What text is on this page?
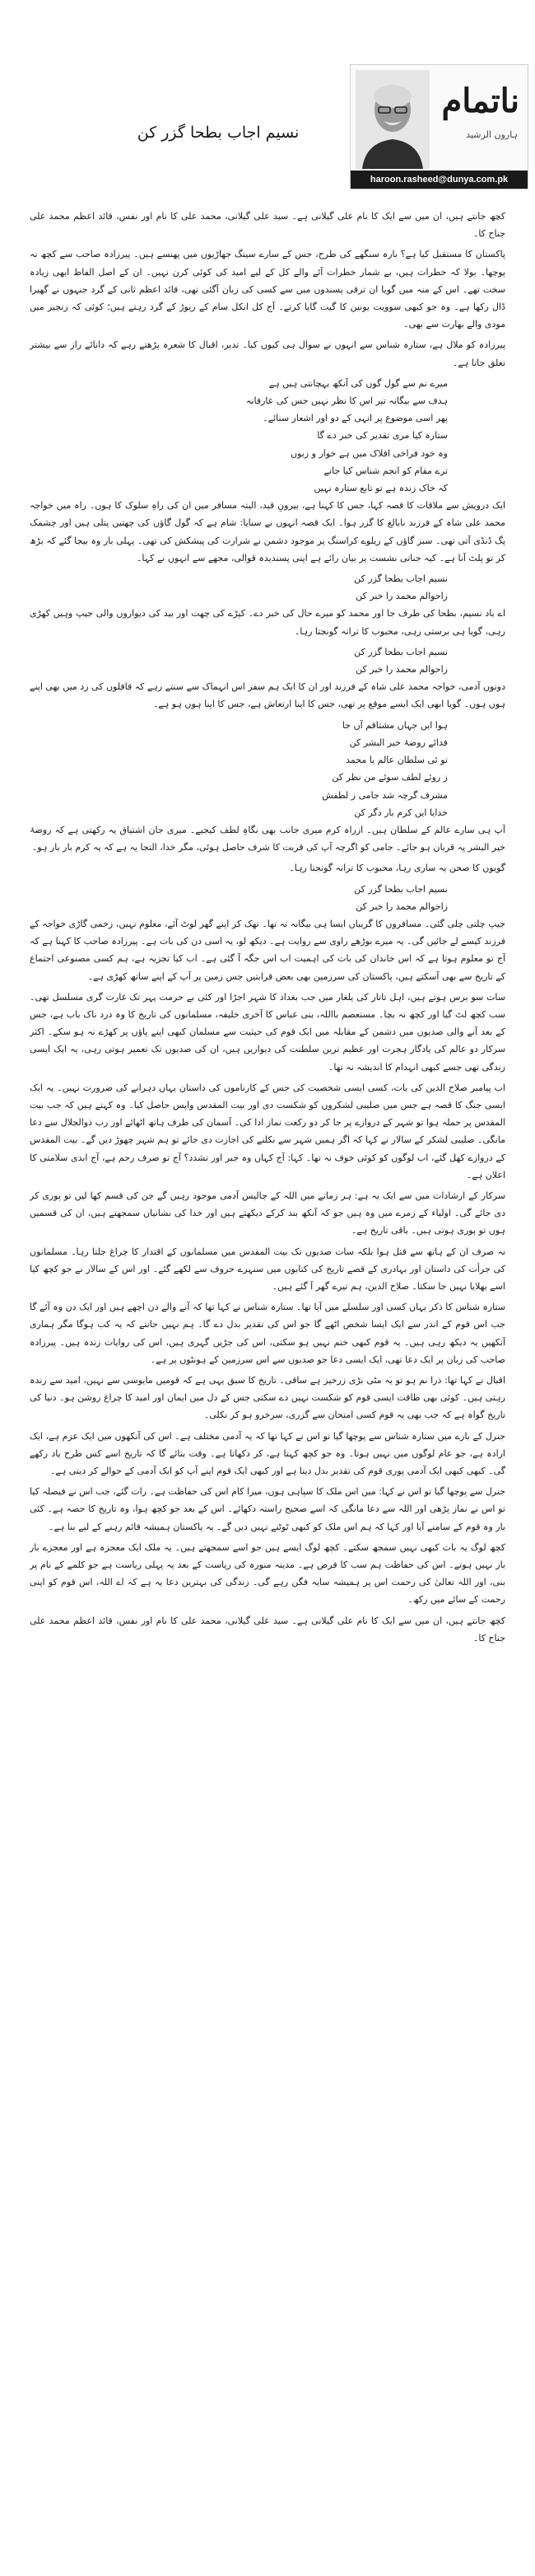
نسیم اجاب بطحا گزر کن
ناتمام
ہارون الرشید
haroon.rasheed@dunya.com.pk

کچھ جانتے ہیں، ان میں سے ایک کا نام علی گیلانی ہے۔ سید علی گیلانی، محمد علی کا نام اور نفس، قائد اعظم محمد علی جناح کا۔

پاکستان کا مستقبل کیا ہے؟ بارہ سنگھے کی طرح، جس کے سارے سینگ جھاڑیوں میں پھنسے ہیں۔ پیرزادہ صاحب سے کچھ نہ پوچھا۔ بولا کہ خطرات ہیں، بے شمار خطرات آئے والے کل کے لیے امید کی کوئی کرن نہیں۔ ان کے اصل الفاظ ابھی زیادہ سخت تھے۔ اس کے منہ میں گویا ان ترقی پسندوں میں سے کسی کی زبان آگئی تھی، قائد اعظم ثانی کے گرد جنہوں نے گھیرا ڈال رکھا ہے۔ وہ جو کبھی سوویت یونین کا گیت گایا کرتے۔ آج کل انکل سام کے ریوڑ کے گرد رہتے ہیں؛ کوئی کہ زنجیر میں مودی والے بھارت سے بھی۔

پیرزادہ کو ملال ہے، ستارہ شناس سے انہوں نے سوال ہی کیوں کیا۔ تدبر، اقبال کا شعرہ پڑھتے رہے کہ دانائے راز سے بیشتر تعلق جاتا ہے۔

میرے نم سے گول گوں کی آنکھ بہچانتی ہیں ہے
ہدف سے بیگانہ تیر اس کا نظر نہیں جس کی عارفانہ
پھر اسی موضوع پر انہی کے دو اور اشعار سنائے۔
ستارہ کیا مری تقدیر کی خبر دے گا
وہ خود فراخی افلاک میں ہے خوار و زبوں
ترے مقام کو انجم شناس کیا جانے
کہ خاک زندہ ہے تو تابع ستارہ نہیں

ایک درویش سے ملاقات کا قصہ کہا، جس کا کہنا ہے، بیرونِ قید، البتہ مسافر میں ان کی راہِ سلوک کا ہوں۔ راہ میں خواجہ محمد علی شاہ کے فرزند نابالغ کا گزر ہوا۔ ایک قصہ انہوں نے سنایا: شام ہے کہ گول گاؤں کی چھتیں پتلی ہیں اور چشمک پگ ڈنڈی آتی تھی۔ سبز گاؤں کے ریلوے کراسنگ پر موجود دشمن نے شرارت کی پیشکش کی تھی۔ پہلی بار وہ بیجا گئے کہ بڑھ کر تو پلٹ آنا ہے۔ کیہ جناتی نشست پر بیان رائے ہے اپنی پسندیدہ قوالی، مجھے سے انہوں نے کہا۔

نسیم اجاب بطحا گزر کن
زاحوالم محمد را خبر کن

اے باد نسیم، بطحا کی طرف جا اور محمد کو میرے حال کی خبر دے۔ کپڑے کی چھت اور بید کی دیواروں والی جیپ وہیں کھڑی رہی، گویا ہی برستی رہی، محبوب کا ترانہ گونجتا رہا۔

نسیم اجاب بطحا گزر کن
زاحوالم محمد را خبر کن

دونوں آدمی، خواجہ محمد علی شاہ کے فرزند اور ان کا ایک ہم سفر اس انہماک سے سنتے رہے کہ قافلوں کی زد میں بھی اپنے ہوں ہوں۔ گویا ابھی ایک ایسے موقع پر تھی، جس کا اپنا ارتعاش ہے، جس کا اپنا ہوں ہو ہے۔

ہوا ایں جہاں مشتاقم آں جا
فدائے روضۂ خیر البشر کن
تو ئی سلطان عالم یا محمد
ز روئے لطف سوئے من نظر کن
مشرف گرچہ شد جامی ز لطفش
خدایا ایں کرم بار دگر کن

آپ ہی سارے عالم کے سلطان ہیں۔ ازراہ کرم میری جانب بھی نگاہِ لطف کیجیے۔ میری جان اشتیاق یہ رکھتی ہے کہ روضۂ خیر البشر پہ قربان ہو جائے۔ جامی کو اگرچہ آپ کی قربت کا شرف حاصل ہوئی، مگر خدا، التجا یہ ہے کہ یہ کرم بار بار ہو۔

گویوں کا صحن یہ ساری رہا، محبوب کا ترانہ گونجتا رہا۔

نسیم اجاب بطحا گزر کن
زاحوالم محمد را خبر کن

جیپ چلتی چلی گئی۔ مسافروں کا گریباں ایسا ہی بیگانہ نہ تھا۔ تھک کر اپنے گھر لوٹ آئے، معلوم نہیں، زخمی گاڑی خواجہ کے فرزند کیسے لے جائیں گی۔ یہ میرے بوڑھے راوی سے روایت ہے۔ دیکھ لو، یہ اسی دن کی بات ہے۔ پیرزادہ صاحب کا کہنا ہے کہ آج تو معلوم ہوتا ہے کہ اس خاندان کی بات کی اہمیت اب اس جگہ آ گئی ہے۔ اب کیا تجزیہ ہے، ہم کسی مصنوعی اجتماع کے تاریخ سے بھی آسکتے ہیں، پاکستان کی سرزمین بھی بعض قرابتیں جس زمین پر آپ کے اپنے ساتھ کھڑی ہے۔

سات سو برس ہوتے ہیں، اہل تاتار کی یلغار میں جب بغداد کا شہر اجڑا اور کئی بے حرمت پہر تک غارت گری مسلسل تھی۔ سب کچھ لٹ گیا اور کچھ نہ بچا۔ مستعصم بااللہ، بنی عباس کا آخری خلیفہ، مسلمانوں کی تاریخ کا وہ درد ناک باب ہے، جس کے بعد آنے والی صدیوں میں دشمن کے مقابلہ میں ایک قوم کی حیثیت سے مسلمان کبھی اپنے پاؤں پر کھڑے نہ ہو سکے۔ اکثر سرکار دو عالم کی یادگار ہجرت اور عظیم ترین سلطنت کی دیواریں ہیں، ان کی صدیوں تک تعمیر ہوتی رہی، یہ ایک ایسی زندگی تھی جسے کبھی انہدام کا اندیشہ نہ تھا۔

اب پیامبر صلاح الدین کی بات، کسی ایسی شخصیت کی جس کے کارناموں کی داستان یہاں دہرانے کی ضرورت نہیں۔ یہ ایک ایسی جنگ کا قصہ ہے جس میں صلیبی لشکروں کو شکست دی اور بیت المقدس واپس حاصل کیا۔ وہ کہتے ہیں کہ جب بیت المقدس پر حملہ ہوا تو شہر کے دروازے پر جا کر دو رکعت نماز ادا کی۔ آسمان کی طرف ہاتھ اٹھائے اور رب ذوالجلال سے دعا مانگی۔ صلیبی لشکر کے سالار نے کہا کہ اگر ہمیں شہر سے نکلنے کی اجازت دی جائے تو ہم شہر چھوڑ دیں گے۔ بیت المقدس کے دروازے کھل گئے، اب لوگوں کو کوئی خوف نہ تھا۔ کہا: آج کہاں وہ جبر اور تشدد؟ آج تو صرف رحم ہے، آج ابدی سلامتی کا اعلان ہے۔

سرکار کے ارشادات میں سے ایک یہ ہے: ہر زمانے میں اللہ کے چالیس آدمی موجود رہیں گے جن کی قسم کھا لیں تو پوری کر دی جائے گی۔ اولیاء کے زمرے میں وہ ہیں جو کہ آنکھ بند کرکے دیکھتے ہیں اور خدا کی نشانیاں سمجھتے ہیں، ان کی قسمیں ہوں تو پوری ہوتی ہیں۔ باقی تاریخ ہے۔

نہ صرف ان کے ہاتھ سے قتل ہوا بلکہ سات صدیوں تک بیت المقدس میں مسلمانوں کے اقتدار کا چراغ جلتا رہا۔ مسلمانوں کی جرأت کی داستان اور بہادری کے قصے تاریخ کی کتابوں میں سنہرے حروف سے لکھے گئے۔ اور اس کے سالار نے جو کچھ کیا اسے بھلایا نہیں جا سکتا۔ صلاح الدین، ہم تیرے گھر آ گئے ہیں۔

ستارہ شناس کا ذکر یہاں کسی اور سلسلے میں آیا تھا۔ ستارہ شناس نے کہا تھا کہ آنے والے دن اچھے ہیں اور ایک دن وہ آئے گا جب اس قوم کے اندر سے ایک ایسا شخص اٹھے گا جو اس کی تقدیر بدل دے گا۔ ہم نہیں جانتے کہ یہ کب ہوگا مگر ہماری آنکھیں یہ دیکھ رہی ہیں۔ یہ قوم کبھی ختم نہیں ہو سکتی، اس کی جڑیں گہری ہیں، اس کی روایات زندہ ہیں۔ پیرزادہ صاحب کی زبان پر ایک دعا تھی، ایک ایسی دعا جو صدیوں سے اس سرزمین کے ہونٹوں پر ہے۔

اقبال نے کہا تھا: ذرا نم ہو تو یہ مٹی بڑی زرخیز ہے ساقی۔ تاریخ کا سبق یہی ہے کہ قومیں مایوسی سے نہیں، امید سے زندہ رہتی ہیں۔ کوئی بھی طاقت ایسی قوم کو شکست نہیں دے سکتی جس کے دل میں ایمان اور امید کا چراغ روشن ہو۔ دنیا کی تاریخ گواہ ہے کہ جب بھی یہ قوم کسی امتحان سے گزری، سرخرو ہو کر نکلی۔

جنرل کے بارے میں ستارہ شناس سے پوچھا گیا تو اس نے کہا تھا کہ یہ آدمی مختلف ہے۔ اس کی آنکھوں میں ایک عزم ہے، ایک ارادہ ہے، جو عام لوگوں میں نہیں ہوتا۔ وہ جو کچھ کہتا ہے، کر دکھاتا ہے۔ وقت بتائے گا کہ تاریخ اسے کس طرح یاد رکھے گی۔ کبھی کبھی ایک آدمی پوری قوم کی تقدیر بدل دیتا ہے اور کبھی ایک قوم اپنے آپ کو ایک آدمی کے حوالے کر دیتی ہے۔

جنرل سے پوچھا گیا تو اس نے کہا: میں اس ملک کا سپاہی ہوں، میرا کام اس کی حفاظت ہے۔ رات گئے، جب اس نے فیصلہ کیا تو اس نے نماز پڑھی اور اللہ سے دعا مانگی کہ اسے صحیح راستہ دکھائے۔ اس کے بعد جو کچھ ہوا، وہ تاریخ کا حصہ ہے۔ کئی بار وہ قوم کے سامنے آیا اور کہا کہ ہم اس ملک کو کبھی ٹوٹنے نہیں دیں گے۔ یہ پاکستان ہمیشہ قائم رہنے کے لیے بنا ہے۔

کچھ لوگ یہ بات کبھی نہیں سمجھ سکتے۔ کچھ لوگ ایسے ہیں جو اسے سمجھتے ہیں۔ یہ ملک ایک معجزہ ہے اور معجزے بار بار نہیں ہوتے۔ اس کی حفاظت ہم سب کا فرض ہے۔ مدینہ منورہ کی ریاست کے بعد یہ پہلی ریاست ہے جو کلمے کے نام پر بنی، اور اللہ تعالیٰ کی رحمت اس پر ہمیشہ سایہ فگن رہے گی۔ زندگی کی بہترین دعا یہ ہے کہ اے اللہ، اس قوم کو اپنی رحمت کے سائے میں رکھ۔

کچھ جانتے ہیں، ان میں سے ایک کا نام علی گیلانی ہے۔ سید علی گیلانی، محمد علی کا نام اور نفس، قائد اعظم محمد علی جناح کا۔
